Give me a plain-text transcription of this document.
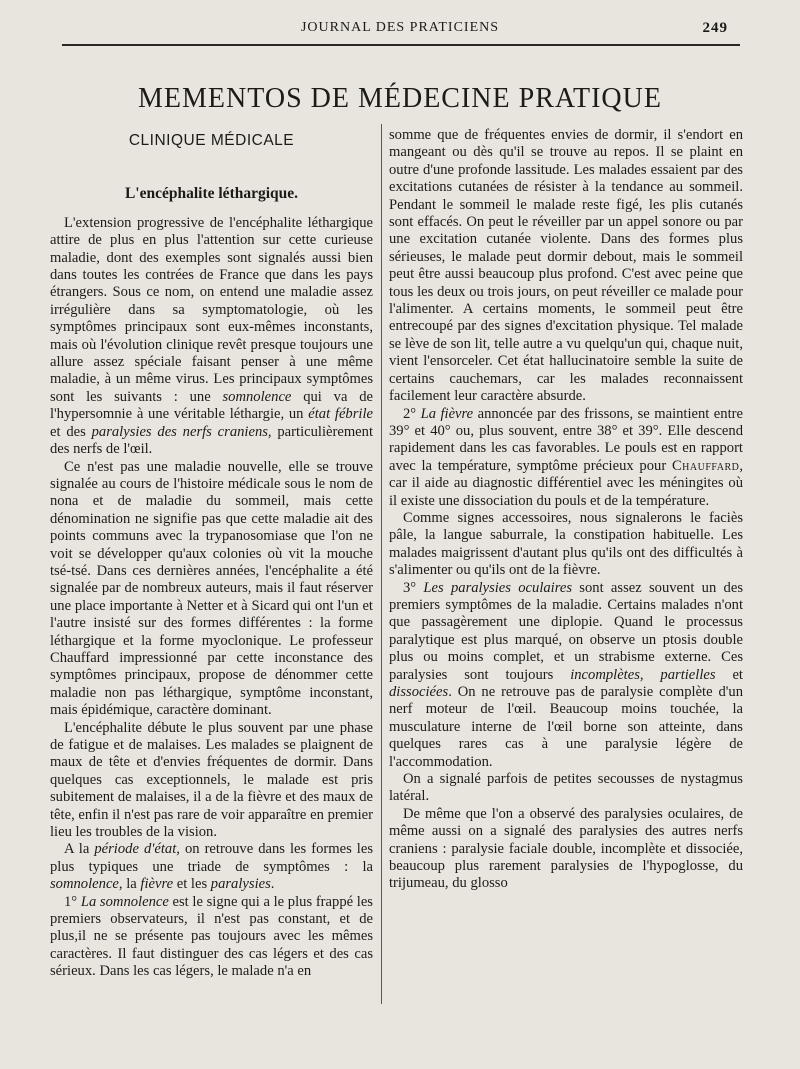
JOURNAL DES PRATICIENS	249
MEMENTOS DE MÉDECINE PRATIQUE
CLINIQUE MÉDICALE
L'encéphalite léthargique.

L'extension progressive de l'encéphalite léthargique attire de plus en plus l'attention sur cette curieuse maladie, dont des exemples sont signalés aussi bien dans toutes les contrées de France que dans les pays étrangers. Sous ce nom, on entend une maladie assez irrégulière dans sa symptomatologie, où les symptômes principaux sont eux-mêmes inconstants, mais où l'évolution clinique revêt presque toujours une allure assez spéciale faisant penser à une même maladie, à un même virus. Les principaux symptômes sont les suivants : une somnolence qui va de l'hypersomnie à une véritable léthargie, un état fébrile et des paralysies des nerfs craniens, particulièrement des nerfs de l'œil.

Ce n'est pas une maladie nouvelle, elle se trouve signalée au cours de l'histoire médicale sous le nom de nona et de maladie du sommeil, mais cette dénomination ne signifie pas que cette maladie ait des points communs avec la trypanosomiase que l'on ne voit se développer qu'aux colonies où vit la mouche tsé-tsé. Dans ces dernières années, l'encéphalite a été signalée par de nombreux auteurs, mais il faut réserver une place importante à Netter et à Sicard qui ont l'un et l'autre insisté sur des formes différentes : la forme léthargique et la forme myoclonique. Le professeur Chauffard impressionné par cette inconstance des symptômes principaux, propose de dénommer cette maladie non pas léthargique, symptôme inconstant, mais épidémique, caractère dominant.

L'encéphalite débute le plus souvent par une phase de fatigue et de malaises. Les malades se plaignent de maux de tête et d'envies fréquentes de dormir. Dans quelques cas exceptionnels, le malade est pris subitement de malaises, il a de la fièvre et des maux de tête, enfin il n'est pas rare de voir apparaître en premier lieu les troubles de la vision.

A la période d'état, on retrouve dans les formes les plus typiques une triade de symptômes : la somnolence, la fièvre et les paralysies.

1° La somnolence est le signe qui a le plus frappé les premiers observateurs, il n'est pas constant, et de plus,il ne se présente pas toujours avec les mêmes caractères. Il faut distinguer des cas légers et des cas sérieux. Dans les cas légers, le malade n'a en

somme que de fréquentes envies de dormir, il s'endort en mangeant ou dès qu'il se trouve au repos. Il se plaint en outre d'une profonde lassitude. Les malades essaient par des excitations cutanées de résister à la tendance au sommeil. Pendant le sommeil le malade reste figé, les plis cutanés sont effacés. On peut le réveiller par un appel sonore ou par une excitation cutanée violente. Dans des formes plus sérieuses, le malade peut dormir debout, mais le sommeil peut être aussi beaucoup plus profond. C'est avec peine que tous les deux ou trois jours, on peut réveiller ce malade pour l'alimenter. A certains moments, le sommeil peut être entrecoupé par des signes d'excitation physique. Tel malade se lève de son lit, telle autre a vu quelqu'un qui, chaque nuit, vient l'ensorceler. Cet état hallucinatoire semble la suite de certains cauchemars, car les malades reconnaissent facilement leur caractère absurde.

2° La fièvre annoncée par des frissons, se maintient entre 39° et 40° ou, plus souvent, entre 38° et 39°. Elle descend rapidement dans les cas favorables. Le pouls est en rapport avec la température, symptôme précieux pour Chauffard, car il aide au diagnostic différentiel avec les méningites où il existe une dissociation du pouls et de la température.

Comme signes accessoires, nous signalerons le faciès pâle, la langue saburrale, la constipation habituelle. Les malades maigrissent d'autant plus qu'ils ont des difficultés à s'alimenter ou qu'ils ont de la fièvre.

3° Les paralysies oculaires sont assez souvent un des premiers symptômes de la maladie. Certains malades n'ont que passagèrement une diplopie. Quand le processus paralytique est plus marqué, on observe un ptosis double plus ou moins complet, et un strabisme externe. Ces paralysies sont toujours incomplètes, partielles et dissociées. On ne retrouve pas de paralysie complète d'un nerf moteur de l'œil. Beaucoup moins touchée, la musculature interne de l'œil borne son atteinte, dans quelques rares cas à une paralysie légère de l'accommodation.

On a signalé parfois de petites secousses de nystagmus latéral.

De même que l'on a observé des paralysies oculaires, de même aussi on a signalé des paralysies des autres nerfs craniens : paralysie faciale double, incomplète et dissociée, beaucoup plus rarement paralysies de l'hypoglosse, du trijumeau, du glosso
